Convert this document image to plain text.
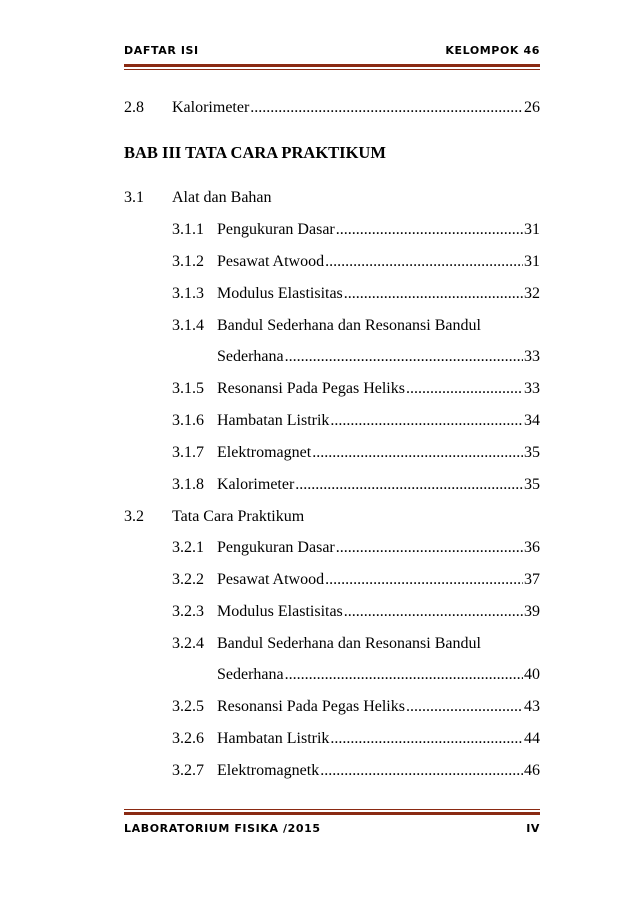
DAFTAR ISI	KELOMPOK 46
2.8	Kalorimeter .....	26
BAB III TATA CARA PRAKTIKUM
3.1	Alat dan Bahan
3.1.1 Pengukuran Dasar .....	31
3.1.2 Pesawat Atwood .....	31
3.1.3 Modulus Elastisitas .....	32
3.1.4 Bandul Sederhana dan Resonansi Bandul
Sederhana .....	33
3.1.5 Resonansi Pada Pegas Heliks .....	33
3.1.6 Hambatan Listrik .....	34
3.1.7 Elektromagnet .....	35
3.1.8 Kalorimeter .....	35
3.2	Tata Cara Praktikum
3.2.1 Pengukuran Dasar .....	36
3.2.2 Pesawat Atwood .....	37
3.2.3 Modulus Elastisitas .....	39
3.2.4 Bandul Sederhana dan Resonansi Bandul
Sederhana .....	40
3.2.5 Resonansi Pada Pegas Heliks .....	43
3.2.6 Hambatan Listrik .....	44
3.2.7 Elektromagnetk .....	46
LABORATORIUM FISIKA /2015	IV
